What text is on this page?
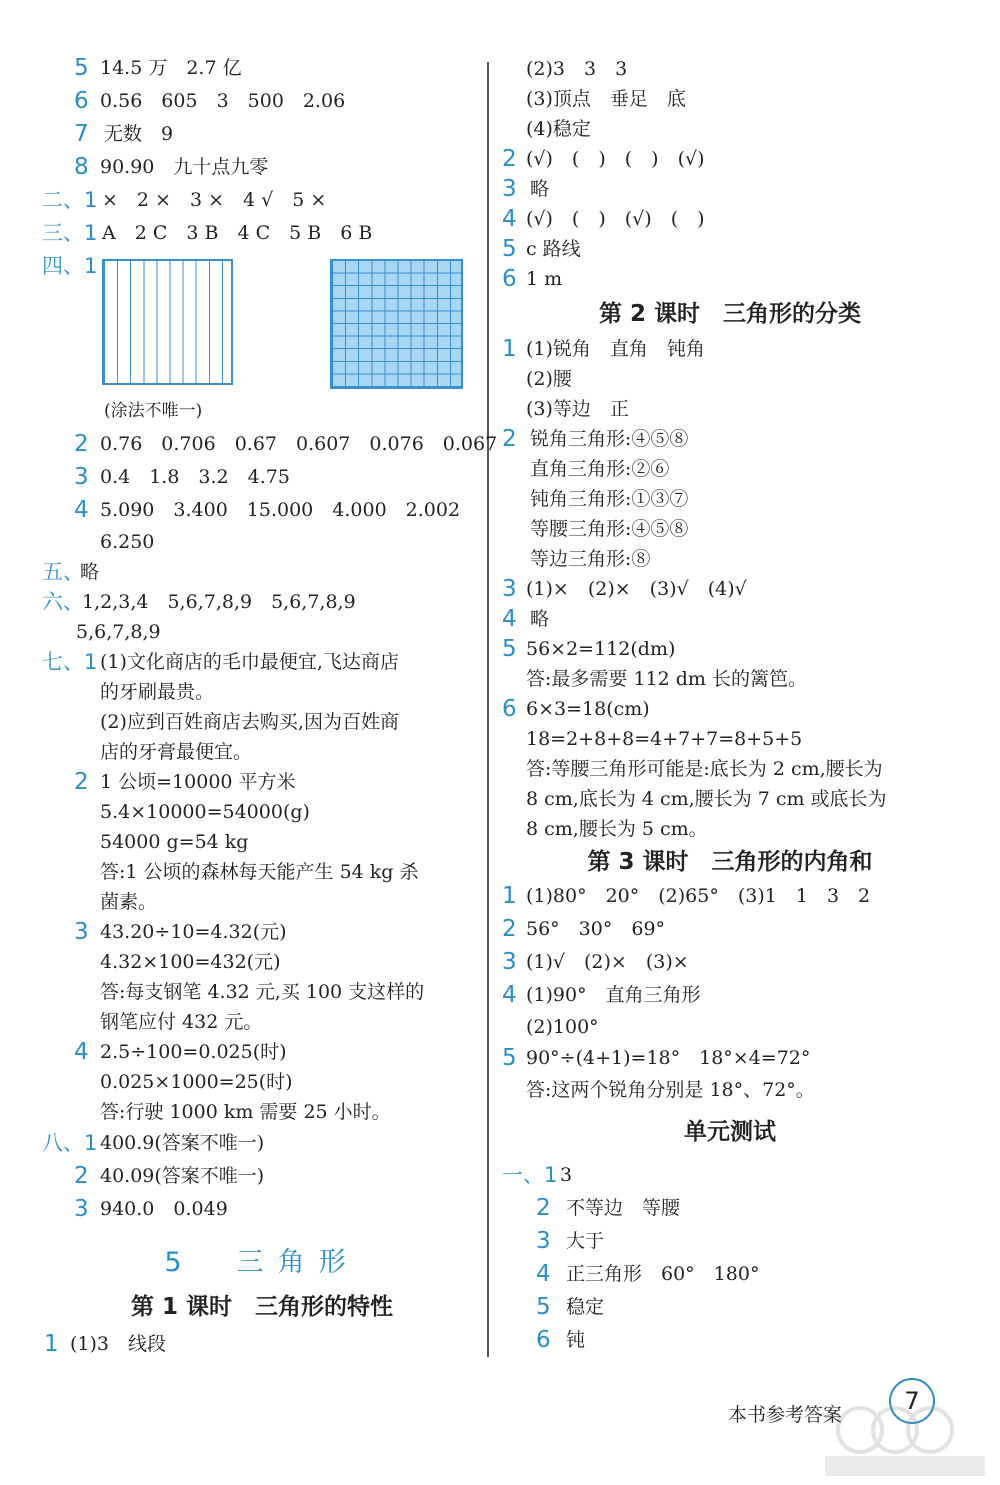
5 14.5 万　2.7 亿
6 0.56　605　3　500　2.06
7 无数　9
8 90.90　九十点九零
二、1 ×　2 ×　3 ×　4 √　5 ×
三、1 A　2 C　3 B　4 C　5 B　6 B
四、1
(涂法不唯一)
2 0.76　0.706　0.67　0.607　0.076　0.067
3 0.4　1.8　3.2　4.75
4 5.090　3.400　15.000　4.000　2.002
6.250
五、
略
六、
1,2,3,4　5,6,7,8,9　5,6,7,8,9
5,6,7,8,9
七、1 (1)文化商店的毛巾最便宜,飞达商店
的牙刷最贵。
(2)应到百姓商店去购买,因为百姓商
店的牙膏最便宜。
2 1 公顷=10000 平方米
5.4×10000=54000(g)
54000 g=54 kg
答:1 公顷的森林每天能产生 54 kg 杀
菌素。
3 43.20÷10=4.32(元)
4.32×100=432(元)
答:每支钢笔 4.32 元,买 100 支这样的
钢笔应付 432 元。
4 2.5÷100=0.025(时)
0.025×1000=25(时)
答:行驶 1000 km 需要 25 小时。
八、1 400.9(答案不唯一)
2 40.09(答案不唯一)
3 940.0　0.049
5　三角形
第 1 课时　三角形的特性
1 (1)3　线段
(2)3　3　3
(3)顶点　垂足　底
(4)稳定
2 (√)　(　)　(　)　(√)
3 略
4 (√)　(　)　(√)　(　)
5 c 路线
6 1 m
第 2 课时　三角形的分类
1 (1)锐角　直角　钝角
(2)腰
(3)等边　正
2 锐角三角形:④⑤⑧
直角三角形:②⑥
钝角三角形:①③⑦
等腰三角形:④⑤⑧
等边三角形:⑧
3 (1)×　(2)×　(3)√　(4)√
4 略
5 56×2=112(dm)
答:最多需要 112 dm 长的篱笆。
6 6×3=18(cm)
18=2+8+8=4+7+7=8+5+5
答:等腰三角形可能是:底长为 2 cm,腰长为
8 cm,底长为 4 cm,腰长为 7 cm 或底长为
8 cm,腰长为 5 cm。
第 3 课时　三角形的内角和
1 (1)80°　20°　(2)65°　(3)1　1　3　2
2 56°　30°　69°
3 (1)√　(2)×　(3)×
4 (1)90°　直角三角形
(2)100°
5 90°÷(4+1)=18°　18°×4=72°
答:这两个锐角分别是 18°、72°。
单元测试
一、1 3
2 不等边　等腰
3 大于
4 正三角形　60°　180°
5 稳定
6 钝
本书参考答案	7
